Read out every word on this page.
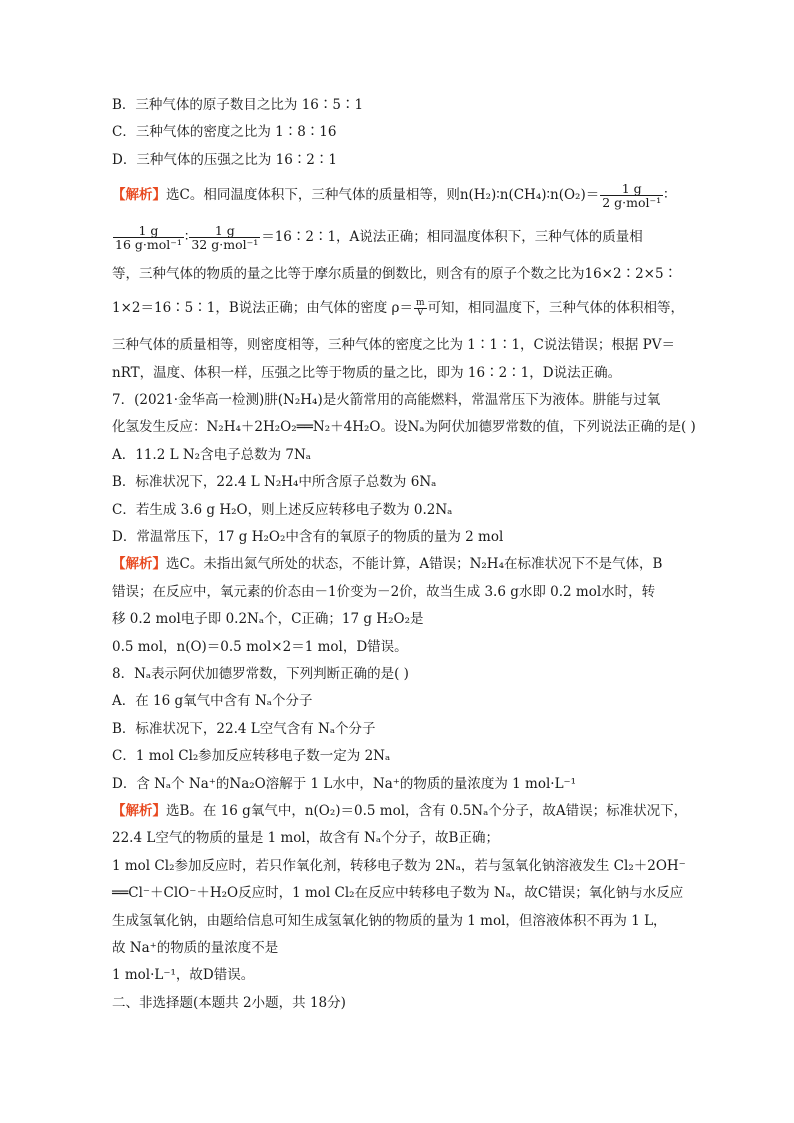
B．三种气体的原子数目之比为 16∶5∶1
C．三种气体的密度之比为 1∶8∶16
D．三种气体的压强之比为 16∶2∶1
【解析】选C。相同温度体积下，三种气体的质量相等，则n(H₂)∶n(CH₄)∶n(O₂)＝ $\frac{1 g}{\text{2 g·mol⁻¹}}$ ∶
$\frac{1 g}{\text{16 g·mol⁻¹}}$ ∶ $\frac{1 g}{\text{32 g·mol⁻¹}}$ ＝16∶2∶1，A说法正确；相同温度体积下，三种气体的质量相
等，三种气体的物质的量之比等于摩尔质量的倒数比，则含有的原子个数之比为16×2∶2×5∶
1×2＝16∶5∶1，B说法正确；由气体的密度 $\rho= \frac{m}{V}$ 可知，相同温度下，三种气体的体积相等，
三种气体的质量相等，则密度相等，三种气体的密度之比为 1∶1∶1，C说法错误；根据 PV＝
nRT，温度、体积一样，压强之比等于物质的量之比，即为 16∶2∶1，D说法正确。
7．(2021·金华高一检测)肼(N₂H₄)是火箭常用的高能燃料，常温常压下为液体。肼能与过氧
化氢发生反应：N₂H₄＋2H₂O₂══N₂＋4H₂O。设Nₐ为阿伏加德罗常数的值，下列说法正确的是( )
A．11.2 L N₂含电子总数为 7Nₐ
B．标准状况下，22.4 L N₂H₄中所含原子总数为 6Nₐ
C．若生成 3.6 g H₂O，则上述反应转移电子数为 0.2Nₐ
D．常温常压下，17 g H₂O₂中含有的氧原子的物质的量为 2 mol
【解析】选C。未指出氮气所处的状态，不能计算，A错误；N₂H₄在标准状况下不是气体，B
错误；在反应中，氧元素的价态由－1价变为－2价，故当生成 3.6 g水即 0.2 mol水时，转
移 0.2 mol电子即 0.2Nₐ个，C正确；17 g H₂O₂是
0.5 mol，n(O)＝0.5 mol×2＝1 mol，D错误。
8．Nₐ表示阿伏加德罗常数，下列判断正确的是( )
A．在 16 g氧气中含有 Nₐ个分子
B．标准状况下，22.4 L空气含有 Nₐ个分子
C．1 mol Cl₂参加反应转移电子数一定为 2Nₐ
D．含 Nₐ个 Na⁺的Na₂O溶解于 1 L水中，Na⁺的物质的量浓度为 1 mol·L⁻¹
【解析】选B。在 16 g氧气中，n(O₂)＝0.5 mol，含有 0.5Nₐ个分子，故A错误；标准状况下，
22.4 L空气的物质的量是 1 mol，故含有 Nₐ个分子，故B正确；
1 mol Cl₂参加反应时，若只作氧化剂，转移电子数为 2Nₐ，若与氢氧化钠溶液发生 Cl₂＋2OH⁻
══Cl⁻＋ClO⁻＋H₂O反应时，1 mol Cl₂在反应中转移电子数为 Nₐ，故C错误；氧化钠与水反应
生成氢氧化钠，由题给信息可知生成氢氧化钠的物质的量为 1 mol，但溶液体积不再为 1 L，
故 Na⁺的物质的量浓度不是
1 mol·L⁻¹，故D错误。
二、非选择题(本题共 2小题，共 18分)
